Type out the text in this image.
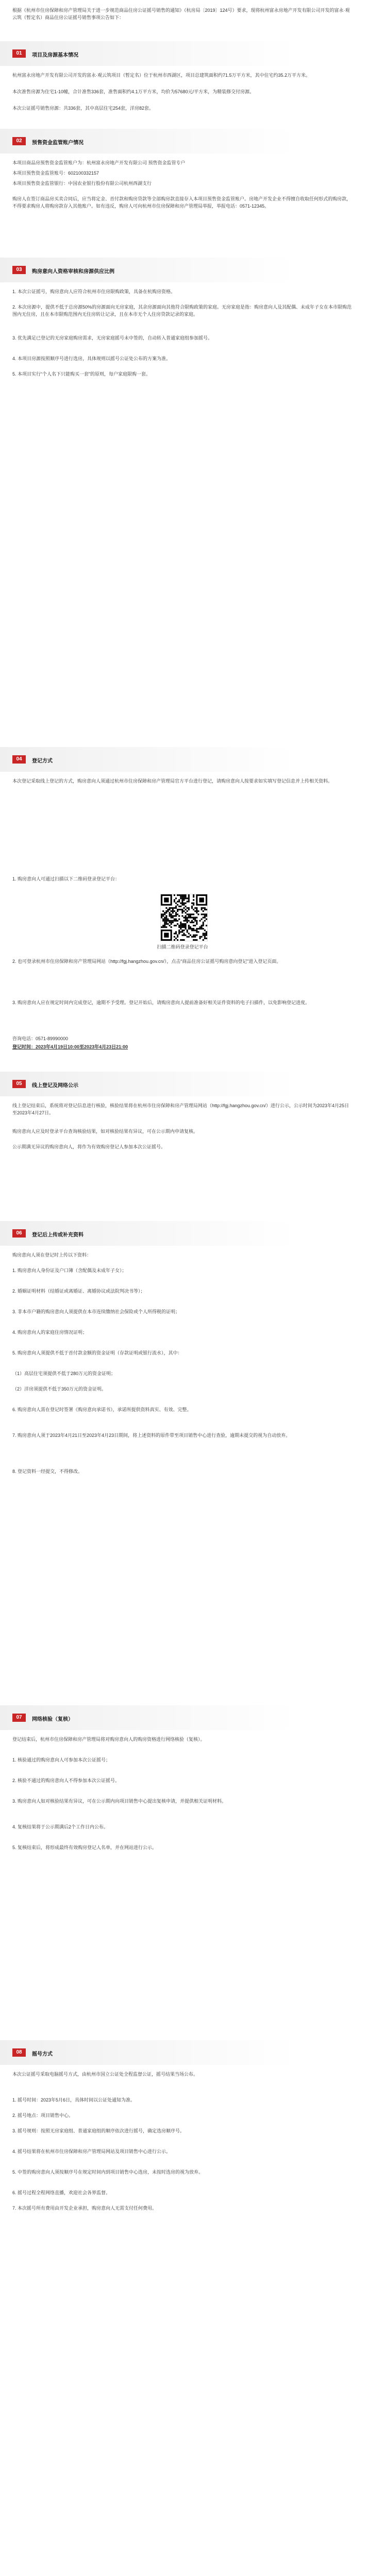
根据《杭州市住房保障和房产管理局关于进一步规范商品住房公证摇号销售的通知》（杭房局〔2019〕124号）要求，现将杭州富永房地产开发有限公司开发的富永·观云筑（暂定名）商品住房公证摇号销售事项公告如下：

01	项目及房源基本情况

杭州富永房地产开发有限公司开发的富永·观云筑项目（暂定名）位于杭州市西湖区，项目总建筑面积约71.5万平方米，其中住宅约35.2万平方米。

本次准售房源为住宅1-10幢，合计准售336套，准售面积约4.1万平方米，均价为57680元/平方米，为精装修交付房源。

本次公证摇号销售房源：共336套，其中高层住宅254套，洋房82套。

02	预售资金监管账户情况

本项目商品房预售资金监管账户为：杭州富永房地产开发有限公司 预售资金监管专户

本项目预售资金监管账号：602100332157

本项目预售资金监管银行：中国农业银行股份有限公司杭州西湖支行

购房人在签订商品房买卖合同后，应当将定金、首付款和购房贷款等全部购房款直接存入本项目预售资金监管账户。房地产开发企业不得擅自收取任何形式的购房款，不得要求购房人将购房款存入其他账户。如有违反，购房人可向杭州市住房保障和房产管理局举报，举报电话：0571-12345。

03	购房意向人资格审核和房源供应比例

1. 本次公证摇号，购房意向人应符合杭州市住房限购政策，具备在杭购房资格。

2. 本次房源中，提供不低于总房源50%的房源面向无房家庭，其余房源面向其他符合限购政策的家庭。无房家庭是指：购房意向人及其配偶、未成年子女在本市限购范围内无住房，且在本市限购范围内无住房转让记录，且在本市无个人住房贷款记录的家庭。

3. 优先满足已登记的无房家庭购房需求，无房家庭摇号未中签的，自动转入普通家庭组参加摇号。

4. 本项目房源按照顺序号进行选房，具体规则以摇号公证处公布的方案为准。

5. 本项目实行“个人名下只能购买一套”的原则，每户家庭限购一套。

04	登记方式

本次登记采取线上登记的方式，购房意向人须通过杭州市住房保障和房产管理局官方平台进行登记，请购房意向人按要求如实填写登记信息并上传相关资料。

1. 购房意向人可通过扫描以下二维码登录登记平台：

扫描二维码登录登记平台

2. 也可登录杭州市住房保障和房产管理局网站（http://fgj.hangzhou.gov.cn/），点击“商品住房公证摇号购房意向登记”进入登记页面。

3. 购房意向人应在规定时间内完成登记，逾期不予受理。登记开始后，请购房意向人提前准备好相关证件资料的电子扫描件，以免影响登记进度。

咨询电话：0571-89990000

登记时间：2023年4月19日10:00至2023年4月23日21:00

05	线上登记及网络公示

线上登记结束后，系统将对登记信息进行核验，核验结果将在杭州市住房保障和房产管理局网站（http://fgj.hangzhou.gov.cn/）进行公示，公示时间为2023年4月25日至2023年4月27日。

购房意向人应及时登录平台查询核验结果，如对核验结果有异议，可在公示期内申请复核。

公示期满无异议的购房意向人，将作为有效购房登记人参加本次公证摇号。

06	登记后上传或补充资料

购房意向人须在登记时上传以下资料：

1. 购房意向人身份证及户口簿（含配偶及未成年子女）；

2. 婚姻证明材料（结婚证或离婚证、离婚协议或法院判决书等）；

3. 非本市户籍的购房意向人须提供在本市连续缴纳社会保险或个人所得税的证明；

4. 购房意向人的家庭住房情况证明；

5. 购房意向人须提供不低于首付款金额的资金证明（存款证明或银行流水），其中：

（1）高层住宅须提供不低于280万元的资金证明；

（2）洋房须提供不低于350万元的资金证明。

6. 购房意向人需在登记时签署《购房意向承诺书》，承诺所提供资料真实、有效、完整。

7. 购房意向人须于2023年4月21日至2023年4月23日期间，将上述资料的原件带至项目销售中心进行查验，逾期未提交的视为自动放弃。

8. 登记资料一经提交，不得修改。

07	网络核验（复核）

登记结束后，杭州市住房保障和房产管理局将对购房意向人的购房资格进行网络核验（复核）。

1. 核验通过的购房意向人可参加本次公证摇号；

2. 核验不通过的购房意向人不得参加本次公证摇号。

3. 购房意向人如对核验结果有异议，可在公示期内向项目销售中心提出复核申请，并提供相关证明材料。

4. 复核结果将于公示期满后2个工作日内公布。

5. 复核结束后，将形成最终有效购房登记人名单，并在网站进行公示。

08	摇号方式

本次公证摇号采取电脑摇号方式，由杭州市国立公证处全程监督公证，摇号结果当场公布。

1. 摇号时间：2023年5月6日，具体时间以公证处通知为准。

2. 摇号地点：项目销售中心。

3. 摇号规则：按照无房家庭组、普通家庭组的顺序依次进行摇号，确定选房顺序号。

4. 摇号结果将在杭州市住房保障和房产管理局网站及项目销售中心进行公示。

5. 中签的购房意向人须按顺序号在规定时间内到项目销售中心选房，未按时选房的视为放弃。

6. 摇号过程全程网络直播，欢迎社会各界监督。

7. 本次摇号所有费用由开发企业承担，购房意向人无需支付任何费用。
